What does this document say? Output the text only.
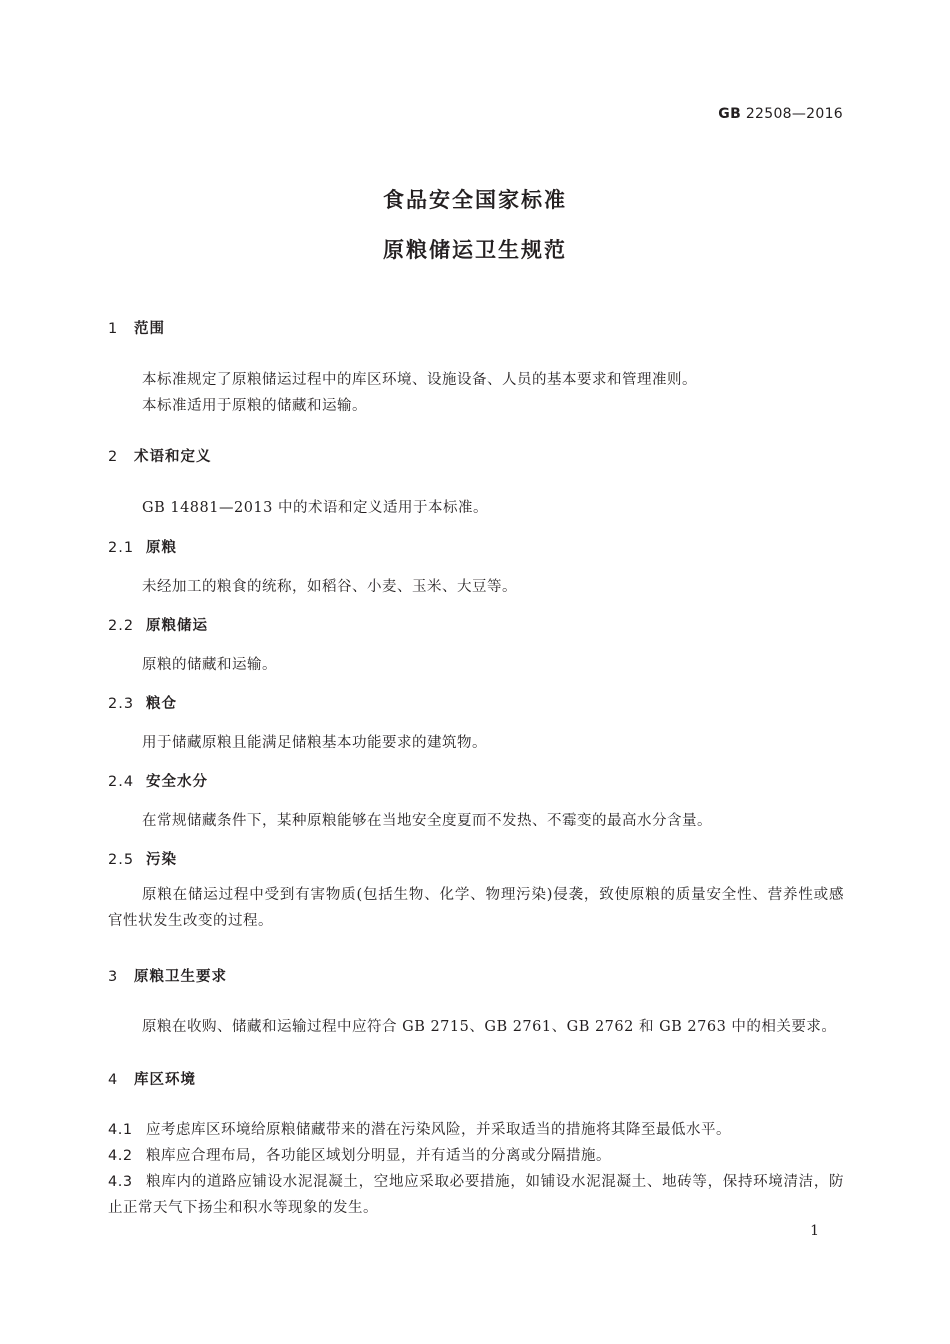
GB 22508—2016
食品安全国家标准
原粮储运卫生规范
1 范围
本标准规定了原粮储运过程中的库区环境、设施设备、人员的基本要求和管理准则。
本标准适用于原粮的储藏和运输。
2 术语和定义
GB 14881—2013 中的术语和定义适用于本标准。
2.1 原粮
未经加工的粮食的统称，如稻谷、小麦、玉米、大豆等。
2.2 原粮储运
原粮的储藏和运输。
2.3 粮仓
用于储藏原粮且能满足储粮基本功能要求的建筑物。
2.4 安全水分
在常规储藏条件下，某种原粮能够在当地安全度夏而不发热、不霉变的最高水分含量。
2.5 污染
原粮在储运过程中受到有害物质(包括生物、化学、物理污染)侵袭，致使原粮的质量安全性、营养性或感官性状发生改变的过程。
3 原粮卫生要求
原粮在收购、储藏和运输过程中应符合 GB 2715、GB 2761、GB 2762 和 GB 2763 中的相关要求。
4 库区环境
4.1 应考虑库区环境给原粮储藏带来的潜在污染风险，并采取适当的措施将其降至最低水平。
4.2 粮库应合理布局，各功能区域划分明显，并有适当的分离或分隔措施。
4.3 粮库内的道路应铺设水泥混凝土，空地应采取必要措施，如铺设水泥混凝土、地砖等，保持环境清洁，防止正常天气下扬尘和积水等现象的发生。
1
